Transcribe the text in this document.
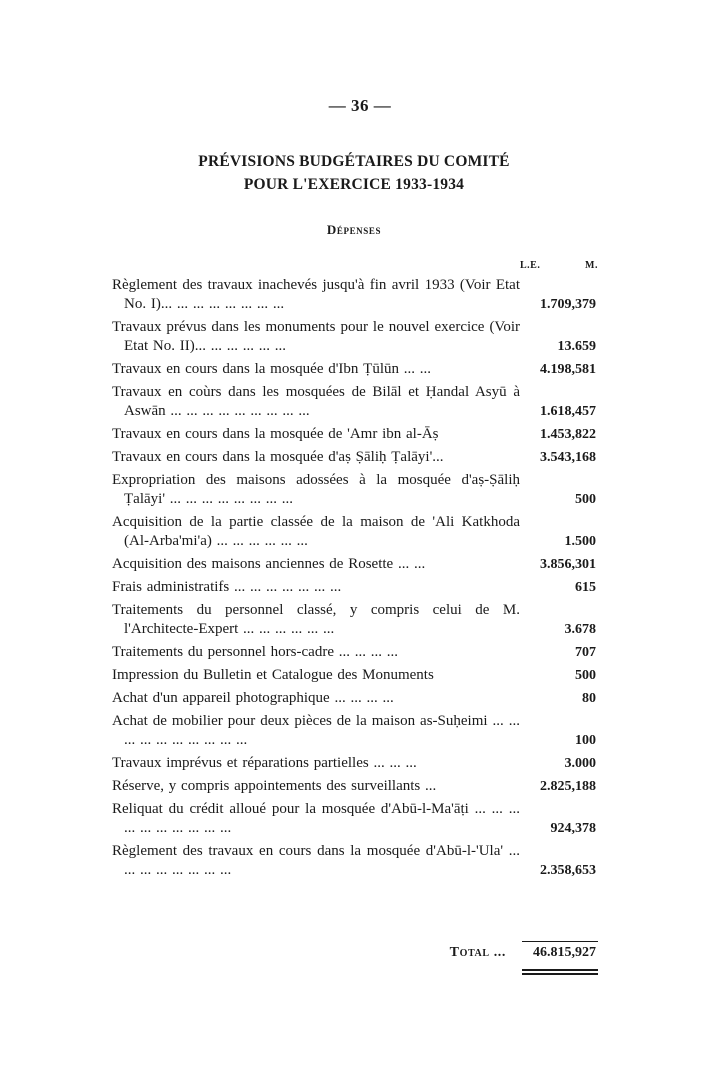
— 36 —
PRÉVISIONS BUDGÉTAIRES DU COMITÉ
POUR L'EXERCICE 1933-1934
Dépenses
L.E.	M.
Règlement des travaux inachevés jusqu'à fin avril 1933 (Voir Etat No. I)... ... ... ... ... ... ... ...	1.709,379
Travaux prévus dans les monuments pour le nouvel exercice (Voir Etat No. II)... ... ... ... ... ...	13.659
Travaux en cours dans la mosquée d'Ibn Ṭūlūn ... ...	4.198,581
Travaux en coùrs dans les mosquées de Bilāl et Ḥandal Asyū à Aswān ... ... ... ... ... ... ... ... ...	1.618,457
Travaux en cours dans la mosquée de 'Amr ibn al-Āṣ	1.453,822
Travaux en cours dans la mosquée d'aṣ Ṣāliḥ Ṭalāyi'...	3.543,168
Expropriation des maisons adossées à la mosquée d'aṣ-Ṣāliḥ Ṭalāyi' ... ... ... ... ... ... ... ...	500
Acquisition de la partie classée de la maison de 'Ali Katkhoda (Al-Arba'mi'a) ... ... ... ... ... ...	1.500
Acquisition des maisons anciennes de Rosette ... ...	3.856,301
Frais administratifs ... ... ... ... ... ... ...	615
Traitements du personnel classé, y compris celui de M. l'Architecte-Expert ... ... ... ... ... ...	3.678
Traitements du personnel hors-cadre ... ... ... ...	707
Impression du Bulletin et Catalogue des Monuments	500
Achat d'un appareil photographique ... ... ... ...	80
Achat de mobilier pour deux pièces de la maison as-Suḥeimi ... ... ... ... ... ... ... ... ... ...	100
Travaux imprévus et réparations partielles ... ... ...	3.000
Réserve, y compris appointements des surveillants ...	2.825,188
Reliquat du crédit alloué pour la mosquée d'Abū-l-Ma'āṭi ... ... ... ... ... ... ... ... ... ...	924,378
Règlement des travaux en cours dans la mosquée d'Abū-l-'Ula' ... ... ... ... ... ... ... ...	2.358,653
Total ...	46.815,927
